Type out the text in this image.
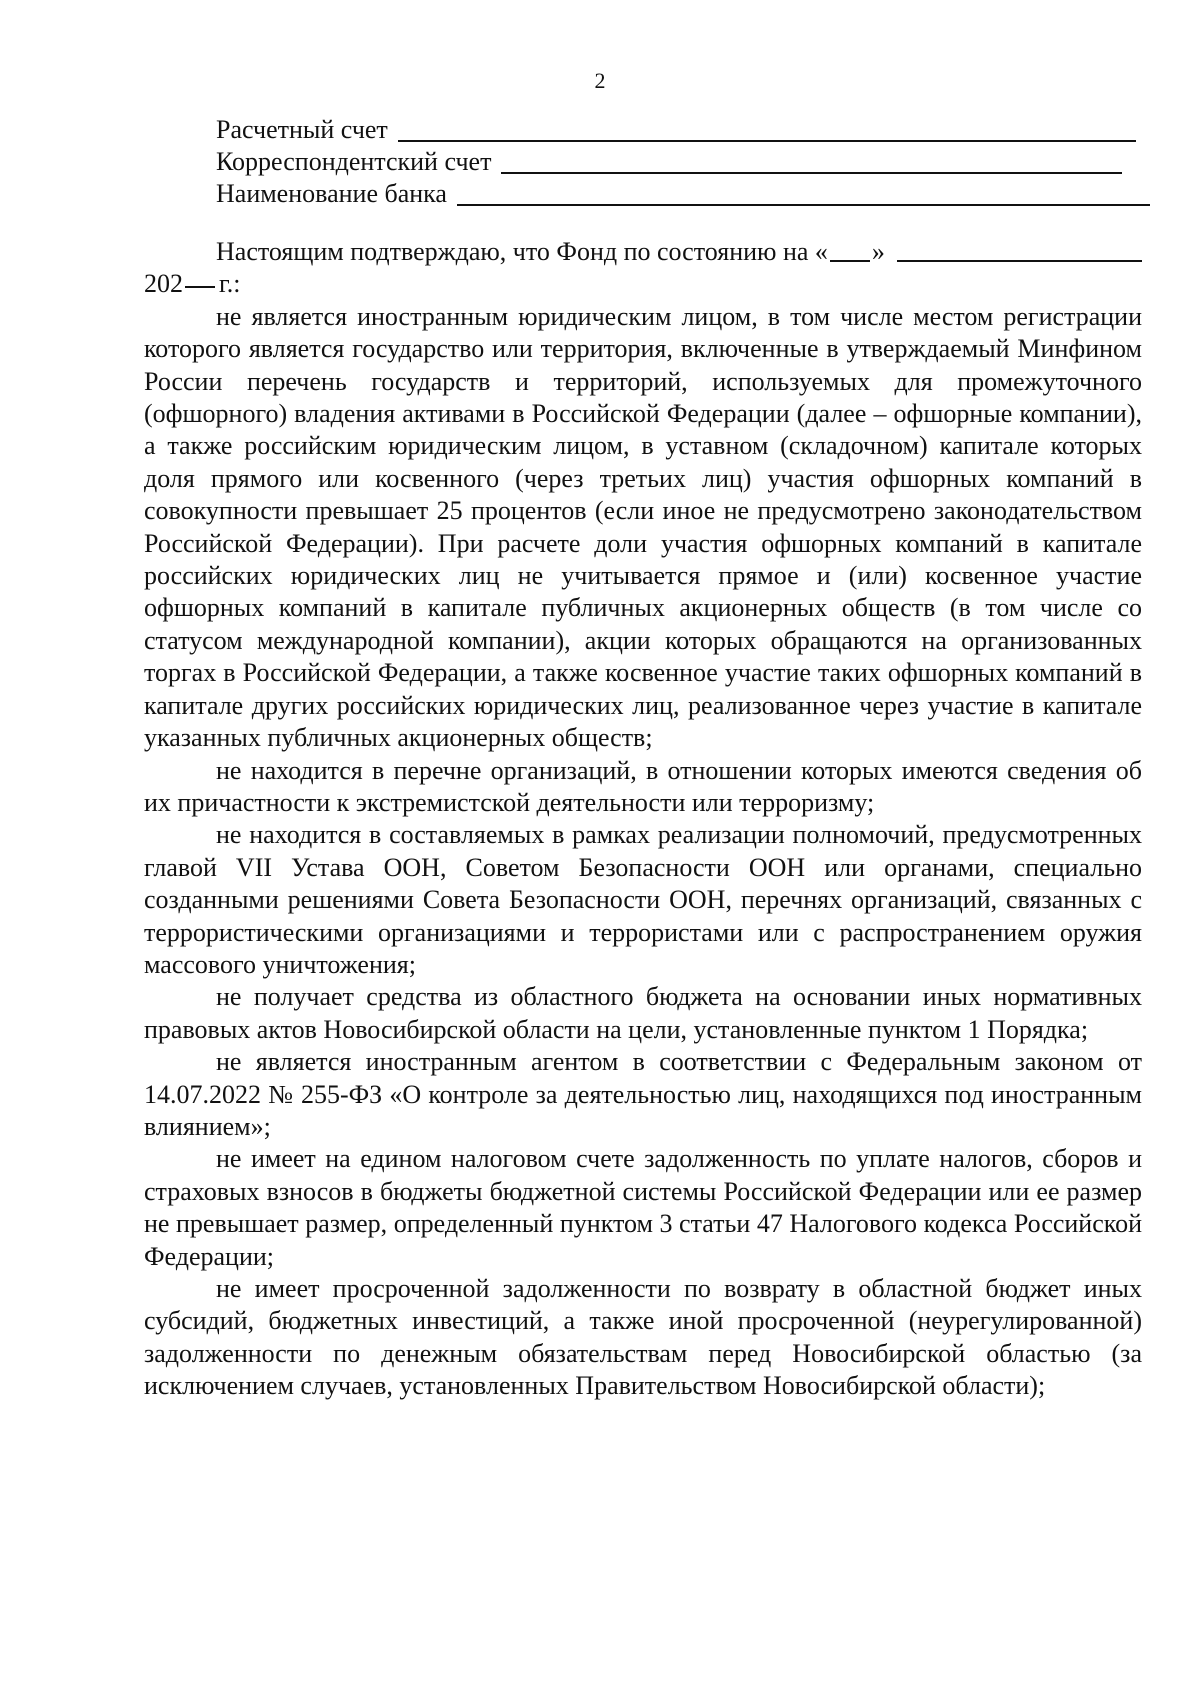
2
Расчетный счет
Корреспондентский счет
Наименование банка
Настоящим подтверждаю, что Фонд по состоянию на « »
202 г.:

не является иностранным юридическим лицом, в том числе местом регистрации которого является государство или территория, включенные в утверждаемый Минфином России перечень государств и территорий, используемых для промежуточного (офшорного) владения активами в Российской Федерации (далее – офшорные компании), а также российским юридическим лицом, в уставном (складочном) капитале которых доля прямого или косвенного (через третьих лиц) участия офшорных компаний в совокупности превышает 25 процентов (если иное не предусмотрено законодательством Российской Федерации). При расчете доли участия офшорных компаний в капитале российских юридических лиц не учитывается прямое и (или) косвенное участие офшорных компаний в капитале публичных акционерных обществ (в том числе со статусом международной компании), акции которых обращаются на организованных торгах в Российской Федерации, а также косвенное участие таких офшорных компаний в капитале других российских юридических лиц, реализованное через участие в капитале указанных публичных акционерных обществ;

не находится в перечне организаций, в отношении которых имеются сведения об их причастности к экстремистской деятельности или терроризму;

не находится в составляемых в рамках реализации полномочий, предусмотренных главой VII Устава ООН, Советом Безопасности ООН или органами, специально созданными решениями Совета Безопасности ООН, перечнях организаций, связанных с террористическими организациями и террористами или с распространением оружия массового уничтожения;

не получает средства из областного бюджета на основании иных нормативных правовых актов Новосибирской области на цели, установленные пунктом 1 Порядка;

не является иностранным агентом в соответствии с Федеральным законом от 14.07.2022 № 255-ФЗ «О контроле за деятельностью лиц, находящихся под иностранным влиянием»;

не имеет на едином налоговом счете задолженность по уплате налогов, сборов и страховых взносов в бюджеты бюджетной системы Российской Федерации или ее размер не превышает размер, определенный пунктом 3 статьи 47 Налогового кодекса Российской Федерации;

не имеет просроченной задолженности по возврату в областной бюджет иных субсидий, бюджетных инвестиций, а также иной просроченной (неурегулированной) задолженности по денежным обязательствам перед Новосибирской областью (за исключением случаев, установленных Правительством Новосибирской области);
